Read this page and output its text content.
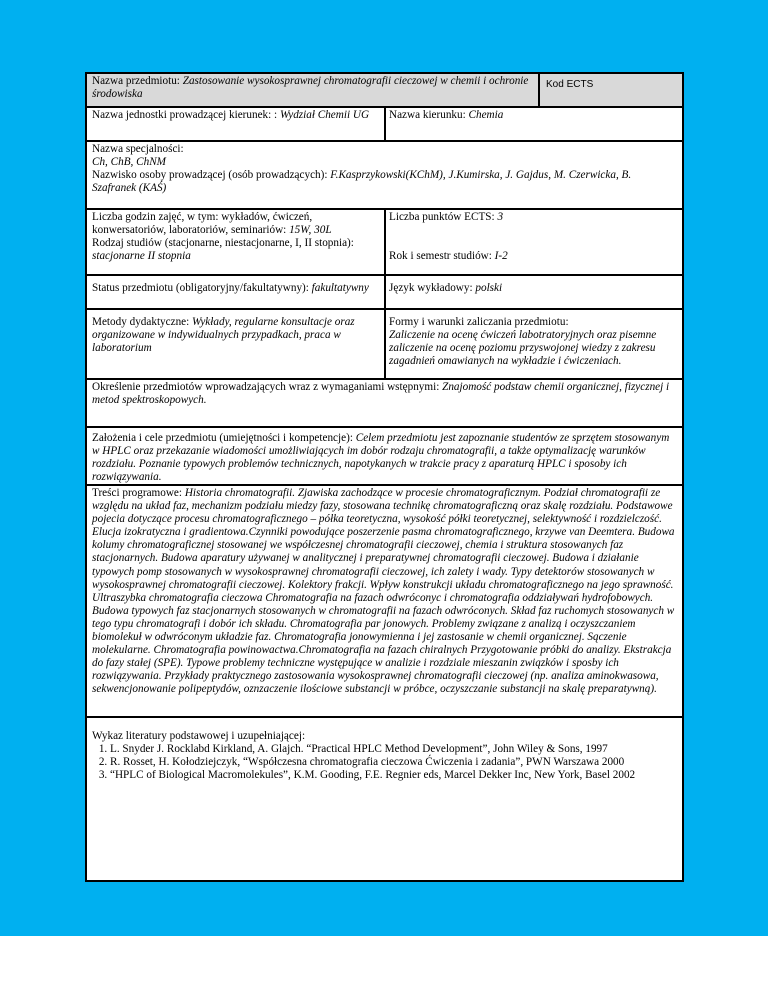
Nazwa przedmiotu: Zastosowanie wysokosprawnej chromatografii cieczowej w chemii i ochronie środowiska
Kod ECTS
Nazwa jednostki prowadzącej kierunek: : Wydział Chemii UG	Nazwa kierunku: Chemia
Nazwa specjalności:
Ch, ChB, ChNM
Nazwisko osoby prowadzącej (osób prowadzących): F.Kasprzykowski(KChM), J.Kumirska, J. Gajdus, M. Czerwicka, B. Szafranek (KAŚ)
Liczba godzin zajęć, w tym: wykładów, ćwiczeń, konwersatoriów, laboratoriów, seminariów: 15W, 30L
Rodzaj studiów (stacjonarne, niestacjonarne, I, II stopnia): stacjonarne II stopnia
Liczba punktów ECTS: 3
Rok i semestr studiów: I-2
Status przedmiotu (obligatoryjny/fakultatywny): fakultatywny	Język wykładowy: polski
Metody dydaktyczne: Wykłady, regularne konsultacje oraz organizowane w indywidualnych przypadkach, praca w laboratorium
Formy i warunki zaliczania przedmiotu:
Zaliczenie na ocenę ćwiczeń labotratoryjnych oraz pisemne zaliczenie na ocenę poziomu przyswojonej wiedzy z zakresu zagadnień omawianych na wykładzie i ćwiczeniach.
Określenie przedmiotów wprowadzających wraz z wymaganiami wstępnymi: Znajomość podstaw chemii organicznej, fizycznej i metod spektroskopowych.
Założenia i cele przedmiotu (umiejętności i kompetencje): Celem przedmiotu jest zapoznanie studentów ze sprzętem stosowanym w HPLC oraz przekazanie wiadomości umożliwiających im dobór rodzaju chromatografii, a także optymalizację warunków rozdziału. Poznanie typowych problemów technicznych, napotykanych w trakcie pracy z aparaturą HPLC i sposoby ich rozwiązywania.
Treści programowe: Historia chromatografii. Zjawiska zachodzące w procesie chromatograficznym. Podział chromatografii ze względu na układ faz, mechanizm podziału miedzy fazy, stosowana technikę chromatograficzną oraz skalę rozdziału. Podstawowe pojecia dotyczące procesu chromatograficznego – półka teoretyczna, wysokość półki teoretycznej, selektywność i rozdzielczość. Elucja izokratyczna i gradientowa.Czynniki powodujące poszerzenie pasma chromatograficznego, krzywe van Deemtera. Budowa kolumy chromatograficznej stosowanej we współczesnej chromatografii cieczowej, chemia i struktura stosowanych faz stacjonarnych. Budowa aparatury używanej w analitycznej i preparatywnej chromatografii cieczowej. Budowa i działanie typowych pomp stosowanych w wysokosprawnej chromatografii cieczowej, ich zalety i wady. Typy detektorów stosowanych w wysokosprawnej chromatografii cieczowej. Kolektory frakcji. Wpływ konstrukcji układu chromatograficznego na jego sprawność. Ultraszybka chromatografia cieczowa Chromatografia na fazach odwróconyc i chromatografia oddziaływań hydrofobowych. Budowa typowych faz stacjonarnych stosowanych w chromatografii na fazach odwróconych. Skład faz ruchomych stosowanych w tego typu chromatografi i dobór ich składu. Chromatografia par jonowych. Problemy związane z analizą i oczyszczaniem biomolekuł w odwróconym układzie faz. Chromatografia jonowymienna i jej zastosanie w chemii organicznej. Sączenie molekularne. Chromatografia powinowactwa.Chromatografia na fazach chiralnych Przygotowanie próbki do analizy. Ekstrakcja do fazy stałej (SPE). Typowe problemy techniczne występujące w analizie i rozdziale mieszanin związków i sposby ich rozwiązywania. Przykłady praktycznego zastosowania wysokosprawnej chromatografii cieczowej (np. analiza aminokwasowa, sekwencjonowanie polipeptydów, oznzaczenie ilościowe substancji w próbce, oczyszczanie substancji na skalę preparatywną).
Wykaz literatury podstawowej i uzupełniającej:
1. L. Snyder J. Rocklabd Kirkland, A. Glajch. “Practical HPLC Method Development”, John Wiley & Sons, 1997
2. R. Rosset, H. Kołodziejczyk, “Współczesna chromatografia cieczowa Ćwiczenia i zadania”, PWN Warszawa 2000
3. “HPLC of Biological Macromolekules”, K.M. Gooding, F.E. Regnier eds, Marcel Dekker Inc, New York, Basel 2002
